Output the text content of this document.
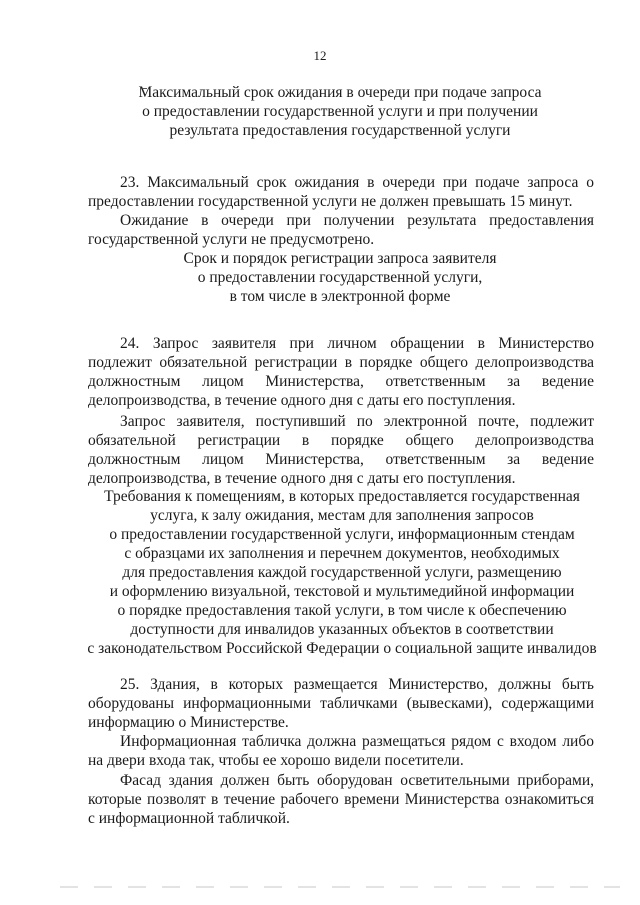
12
Максимальный срок ожидания в очереди при подаче запроса
о предоставлении государственной услуги и при получении
результата предоставления государственной услуги

23. Максимальный срок ожидания в очереди при подаче запроса о предоставлении государственной услуги не должен превышать 15 минут.

Ожидание в очереди при получении результата предоставления государственной услуги не предусмотрено.

Срок и порядок регистрации запроса заявителя
о предоставлении государственной услуги,
в том числе в электронной форме

24. Запрос заявителя при личном обращении в Министерство подлежит обязательной регистрации в порядке общего делопроизводства должностным лицом Министерства, ответственным за ведение делопроизводства, в течение одного дня с даты его поступления.

Запрос заявителя, поступивший по электронной почте, подлежит обязательной регистрации в порядке общего делопроизводства должностным лицом Министерства, ответственным за ведение делопроизводства, в течение одного дня с даты его поступления.

Требования к помещениям, в которых предоставляется государственная
услуга, к залу ожидания, местам для заполнения запросов
о предоставлении государственной услуги, информационным стендам
с образцами их заполнения и перечнем документов, необходимых
для предоставления каждой государственной услуги, размещению
и оформлению визуальной, текстовой и мультимедийной информации
о порядке предоставления такой услуги, в том числе к обеспечению
доступности для инвалидов указанных объектов в соответствии
с законодательством Российской Федерации о социальной защите инвалидов

25. Здания, в которых размещается Министерство, должны быть оборудованы информационными табличками (вывесками), содержащими информацию о Министерстве.

Информационная табличка должна размещаться рядом с входом либо на двери входа так, чтобы ее хорошо видели посетители.

Фасад здания должен быть оборудован осветительными приборами, которые позволят в течение рабочего времени Министерства ознакомиться с информационной табличкой.
